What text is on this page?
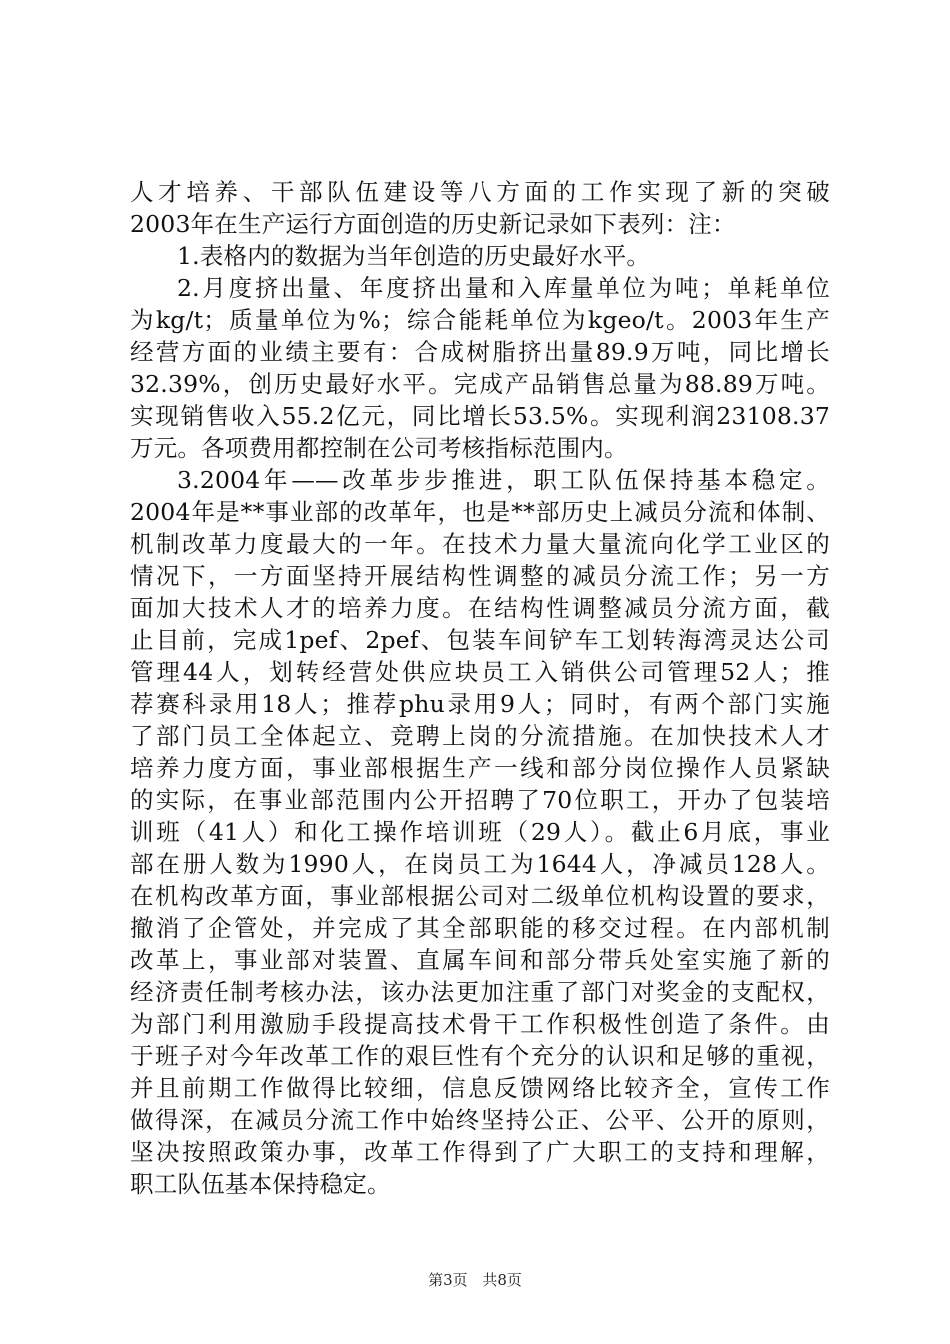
人才培养、干部队伍建设等八方面的工作实现了新的突破
2003年在生产运行方面创造的历史新记录如下表列：注：
1.表格内的数据为当年创造的历史最好水平。
2.月度挤出量、年度挤出量和入库量单位为吨；单耗单位
为kg/t；质量单位为%；综合能耗单位为kgeo/t。2003年生产
经营方面的业绩主要有：合成树脂挤出量89.9万吨，同比增长
32.39%，创历史最好水平。完成产品销售总量为88.89万吨。
实现销售收入55.2亿元，同比增长53.5%。实现利润23108.37
万元。各项费用都控制在公司考核指标范围内。
3.2004年——改革步步推进，职工队伍保持基本稳定。
2004年是**事业部的改革年，也是**部历史上减员分流和体制、
机制改革力度最大的一年。在技术力量大量流向化学工业区的
情况下，一方面坚持开展结构性调整的减员分流工作；另一方
面加大技术人才的培养力度。在结构性调整减员分流方面，截
止目前，完成1pef、2pef、包装车间铲车工划转海湾灵达公司
管理44人，划转经营处供应块员工入销供公司管理52人；推
荐赛科录用18人；推荐phu录用9人；同时，有两个部门实施
了部门员工全体起立、竞聘上岗的分流措施。在加快技术人才
培养力度方面，事业部根据生产一线和部分岗位操作人员紧缺
的实际，在事业部范围内公开招聘了70位职工，开办了包装培
训班（41人）和化工操作培训班（29人）。截止6月底，事业
部在册人数为1990人，在岗员工为1644人，净减员128人。
在机构改革方面，事业部根据公司对二级单位机构设置的要求，
撤消了企管处，并完成了其全部职能的移交过程。在内部机制
改革上，事业部对装置、直属车间和部分带兵处室实施了新的
经济责任制考核办法，该办法更加注重了部门对奖金的支配权，
为部门利用激励手段提高技术骨干工作积极性创造了条件。由
于班子对今年改革工作的艰巨性有个充分的认识和足够的重视，
并且前期工作做得比较细，信息反馈网络比较齐全，宣传工作
做得深，在减员分流工作中始终坚持公正、公平、公开的原则，
坚决按照政策办事，改革工作得到了广大职工的支持和理解，
职工队伍基本保持稳定。
第3页 共8页
